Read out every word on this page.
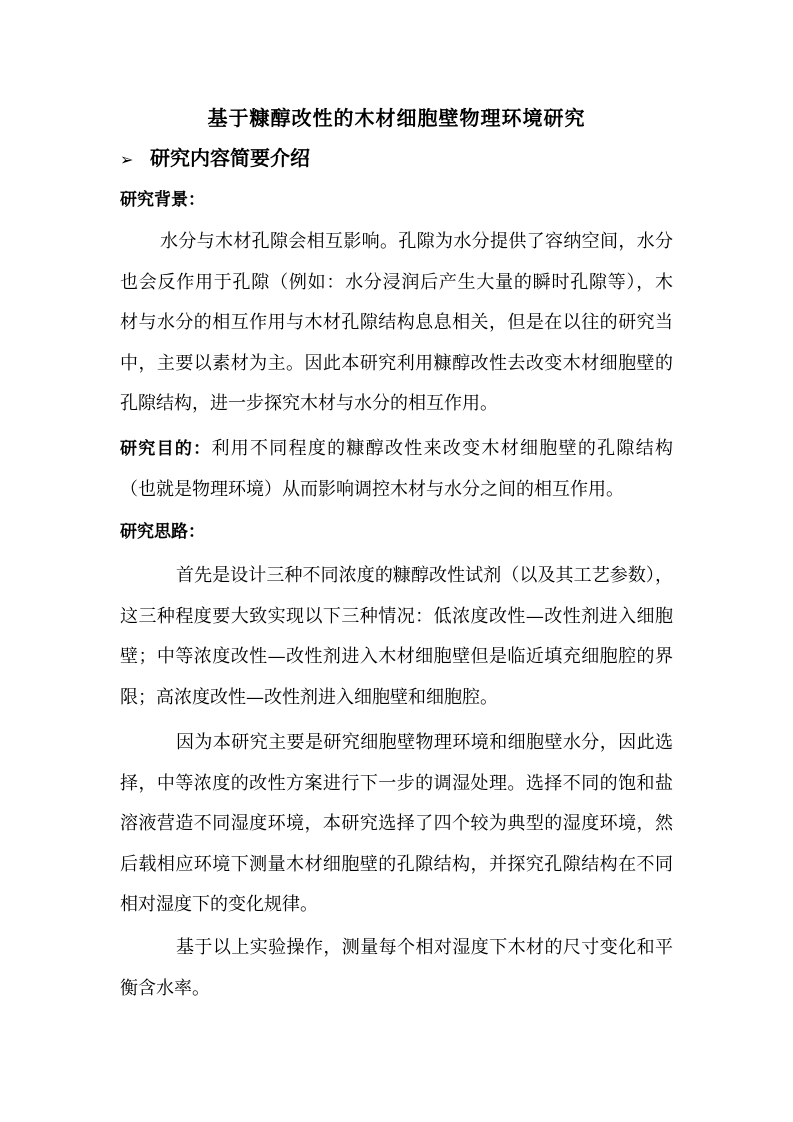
基于糠醇改性的木材细胞壁物理环境研究
➢ 研究内容简要介绍
研究背景：
水分与木材孔隙会相互影响。孔隙为水分提供了容纳空间，水分
也会反作用于孔隙（例如：水分浸润后产生大量的瞬时孔隙等），木
材与水分的相互作用与木材孔隙结构息息相关，但是在以往的研究当
中，主要以素材为主。因此本研究利用糠醇改性去改变木材细胞壁的
孔隙结构，进一步探究木材与水分的相互作用。
研究目的：利用不同程度的糠醇改性来改变木材细胞壁的孔隙结构
（也就是物理环境）从而影响调控木材与水分之间的相互作用。
研究思路：
首先是设计三种不同浓度的糠醇改性试剂（以及其工艺参数），
这三种程度要大致实现以下三种情况：低浓度改性—改性剂进入细胞
壁；中等浓度改性—改性剂进入木材细胞壁但是临近填充细胞腔的界
限；高浓度改性—改性剂进入细胞壁和细胞腔。
因为本研究主要是研究细胞壁物理环境和细胞壁水分，因此选
择，中等浓度的改性方案进行下一步的调湿处理。选择不同的饱和盐
溶液营造不同湿度环境，本研究选择了四个较为典型的湿度环境，然
后载相应环境下测量木材细胞壁的孔隙结构，并探究孔隙结构在不同
相对湿度下的变化规律。
基于以上实验操作，测量每个相对湿度下木材的尺寸变化和平
衡含水率。
